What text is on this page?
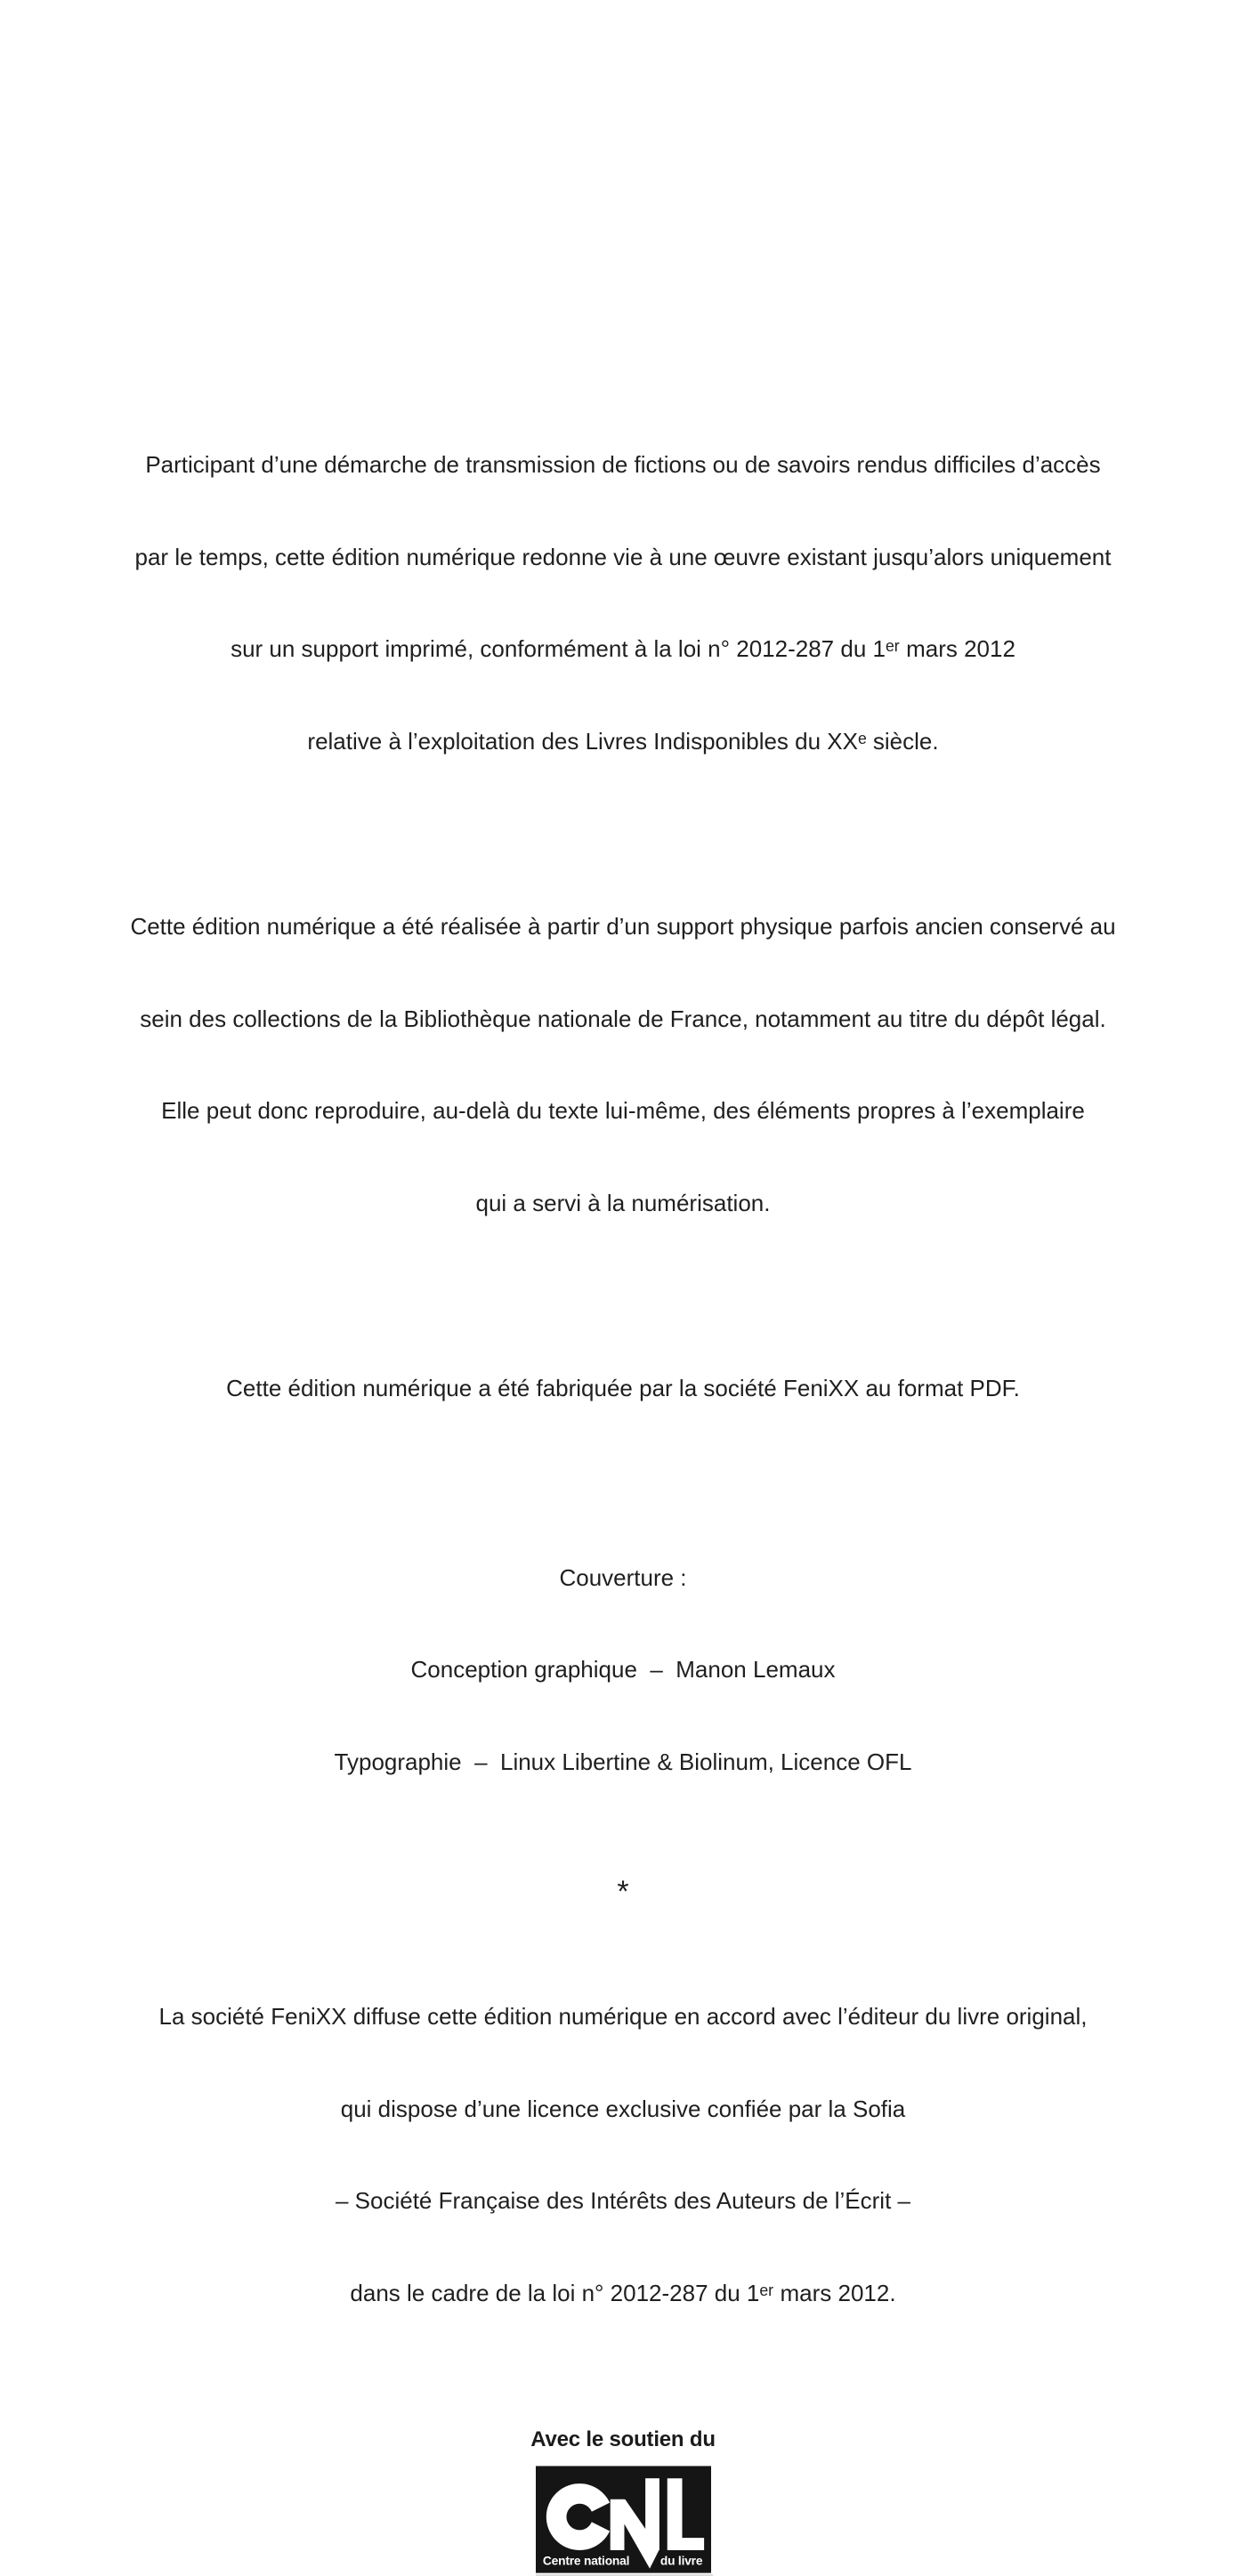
Participant d’une démarche de transmission de fictions ou de savoirs rendus difficiles d’accès

par le temps, cette édition numérique redonne vie à une œuvre existant jusqu’alors uniquement

sur un support imprimé, conformément à la loi n° 2012-287 du 1ᵉʳ mars 2012

relative à l’exploitation des Livres Indisponibles du XXᵉ siècle.

Cette édition numérique a été réalisée à partir d’un support physique parfois ancien conservé au

sein des collections de la Bibliothèque nationale de France, notamment au titre du dépôt légal.

Elle peut donc reproduire, au-delà du texte lui-même, des éléments propres à l’exemplaire

qui a servi à la numérisation.

Cette édition numérique a été fabriquée par la société FeniXX au format PDF.

Couverture :

Conception graphique  –  Manon Lemaux

Typographie  –  Linux Libertine & Biolinum, Licence OFL

*

La société FeniXX diffuse cette édition numérique en accord avec l’éditeur du livre original,

qui dispose d’une licence exclusive confiée par la Sofia

– Société Française des Intérêts des Auteurs de l’Écrit –

dans le cadre de la loi n° 2012-287 du 1ᵉʳ mars 2012.

Avec le soutien du
Centre national du livre
